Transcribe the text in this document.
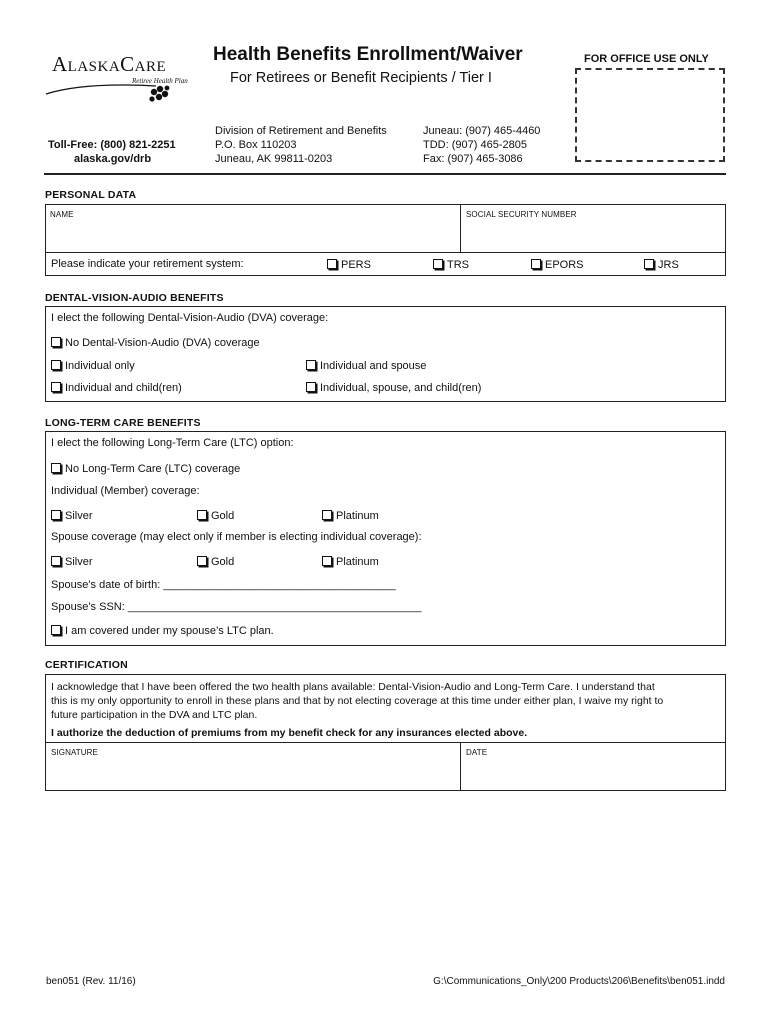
AlaskaCare
Retiree Health Plan
Health Benefits Enrollment/Waiver
For Retirees or Benefit Recipients / Tier I
FOR OFFICE USE ONLY
Toll-Free: (800) 821-2251
alaska.gov/drb
Division of Retirement and Benefits
P.O. Box 110203
Juneau, AK 99811-0203
Juneau: (907) 465-4460
TDD: (907) 465-2805
Fax: (907) 465-3086
PERSONAL DATA
NAME	SOCIAL SECURITY NUMBER
Please indicate your retirement system:	PERS	TRS	EPORS	JRS
DENTAL-VISION-AUDIO BENEFITS
I elect the following Dental-Vision-Audio (DVA) coverage:
No Dental-Vision-Audio (DVA) coverage
Individual only	Individual and spouse
Individual and child(ren)	Individual, spouse, and child(ren)
LONG-TERM CARE BENEFITS
I elect the following Long-Term Care (LTC) option:
No Long-Term Care (LTC) coverage
Individual (Member) coverage:
Silver	Gold	Platinum
Spouse coverage (may elect only if member is electing individual coverage):
Silver	Gold	Platinum
Spouse’s date of birth: ______________________________________
Spouse’s SSN: ________________________________________________
I am covered under my spouse’s LTC plan.
CERTIFICATION
I acknowledge that I have been offered the two health plans available: Dental-Vision-Audio and Long-Term Care. I understand that
this is my only opportunity to enroll in these plans and that by not electing coverage at this time under either plan, I waive my right to
future participation in the DVA and LTC plan.
I authorize the deduction of premiums from my benefit check for any insurances elected above.
SIGNATURE	DATE
ben051 (Rev. 11/16)	G:\Communications_Only\200 Products\206\Benefits\ben051.indd
